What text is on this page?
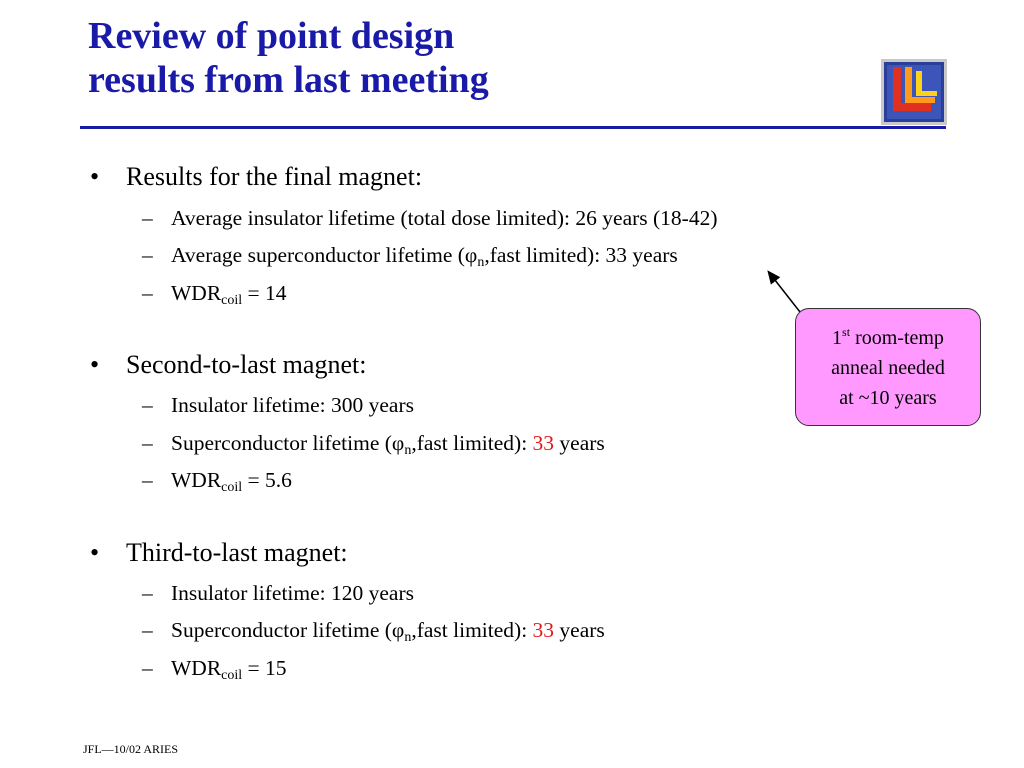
Review of point design
results from last meeting
• Results for the final magnet:
– Average insulator lifetime (total dose limited): 26 years (18-42)
– Average superconductor lifetime ($\varphi_n,fast$ limited): 33 years
– $WDR_{coil} = 14$
• Second-to-last magnet:
– Insulator lifetime: 300 years
– Superconductor lifetime ($\varphi_n,fast$ limited): 33 years
– $WDR_{coil} = 5.6$
• Third-to-last magnet:
– Insulator lifetime: 120 years
– Superconductor lifetime ($\varphi_n,fast$ limited): 33 years
– $WDR_{coil} = 15$
1st room-temp
anneal needed
at ~10 years
JFL—10/02 ARIES
